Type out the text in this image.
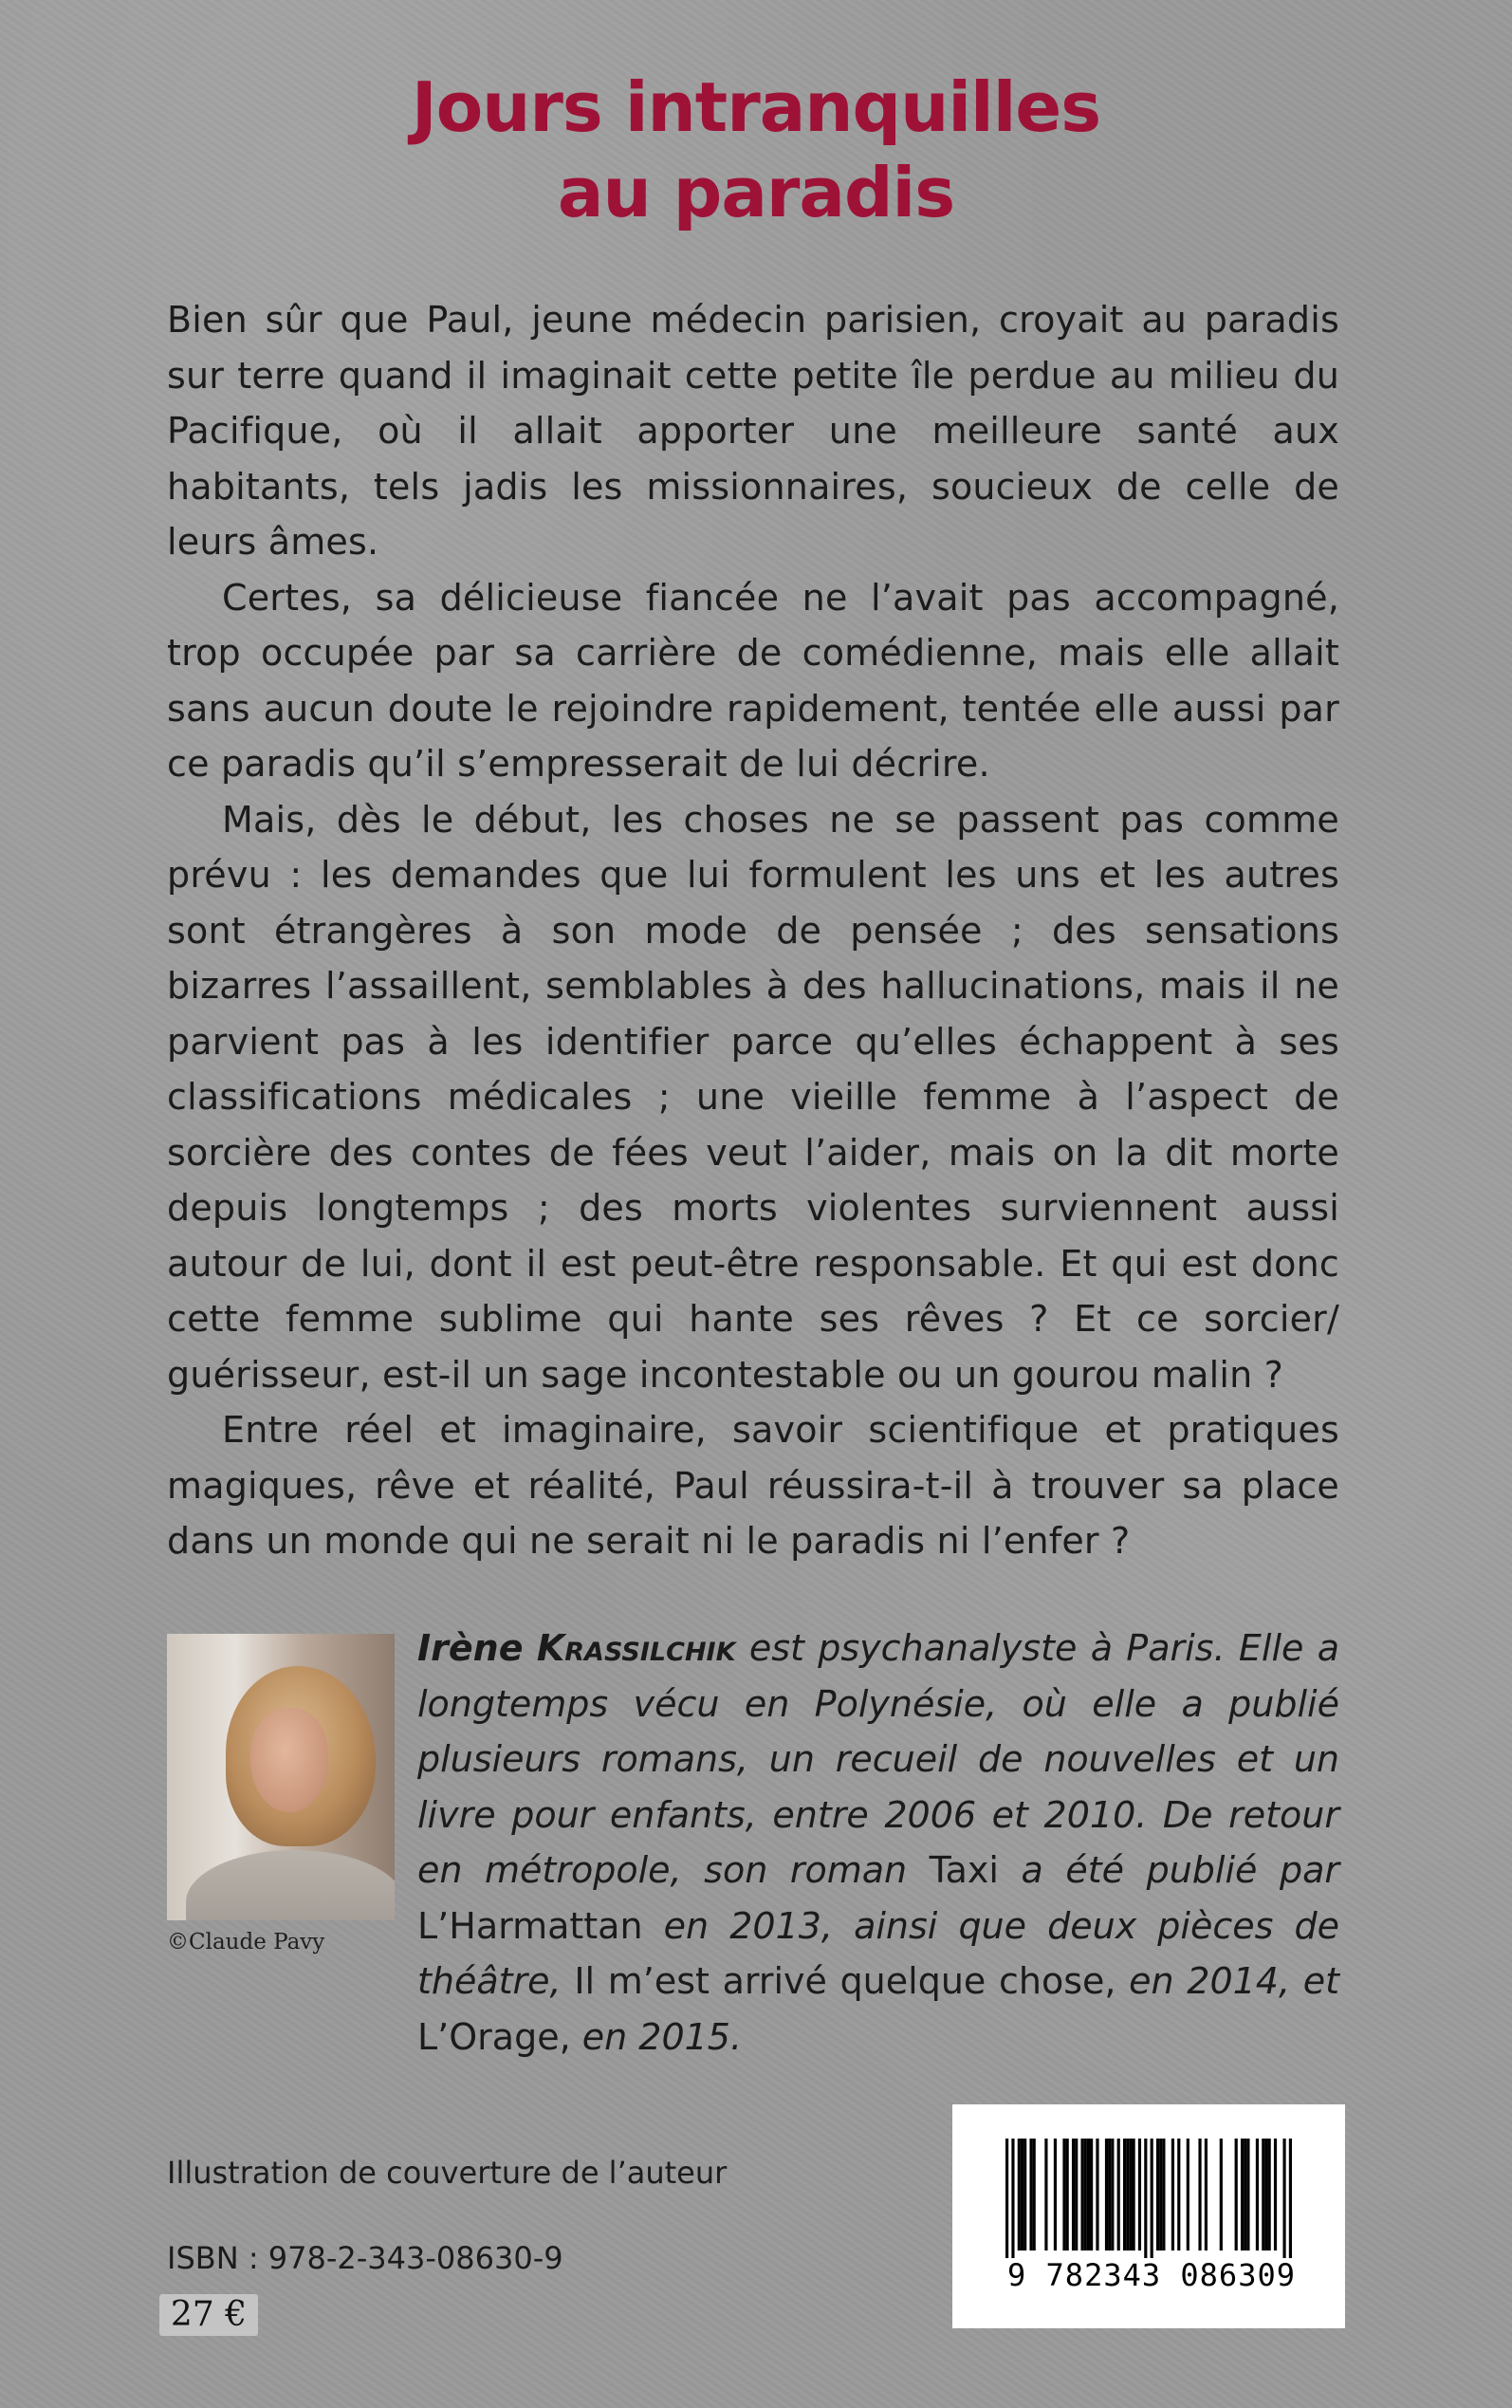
Jours intranquilles
au paradis

Bien sûr que Paul, jeune médecin parisien, croyait au paradis sur terre quand il imaginait cette petite île perdue au milieu du Pacifique, où il allait apporter une meilleure santé aux habitants, tels jadis les missionnaires, soucieux de celle de leurs âmes.

Certes, sa délicieuse fiancée ne l’avait pas accompagné, trop occupée par sa carrière de comédienne, mais elle allait sans aucun doute le rejoindre rapidement, tentée elle aussi par ce paradis qu’il s’empresserait de lui décrire.

Mais, dès le début, les choses ne se passent pas comme prévu : les demandes que lui formulent les uns et les autres sont étrangères à son mode de pensée ; des sensations bizarres l’assaillent, semblables à des hallucinations, mais il ne parvient pas à les identifier parce qu’elles échappent à ses classifications médicales ; une vieille femme à l’aspect de sorcière des contes de fées veut l’aider, mais on la dit morte depuis longtemps ; des morts violentes surviennent aussi autour de lui, dont il est peut-être responsable. Et qui est donc cette femme sublime qui hante ses rêves ? Et ce sorcier/ guérisseur, est-il un sage incontestable ou un gourou malin ?

Entre réel et imaginaire, savoir scientifique et pratiques magiques, rêve et réalité, Paul réussira-t-il à trouver sa place dans un monde qui ne serait ni le paradis ni l’enfer ?

©Claude Pavy
Irène Krassilchik est psychanalyste à Paris. Elle a longtemps vécu en Polynésie, où elle a publié plusieurs romans, un recueil de nouvelles et un livre pour enfants, entre 2006 et 2010. De retour en métropole, son roman Taxi a été publié par L’Harmattan en 2013, ainsi que deux pièces de théâtre, Il m’est arrivé quelque chose, en 2014, et L’Orage, en 2015.
Illustration de couverture de l’auteur
ISBN : 978-2-343-08630-9
27 €
9 782343 086309
